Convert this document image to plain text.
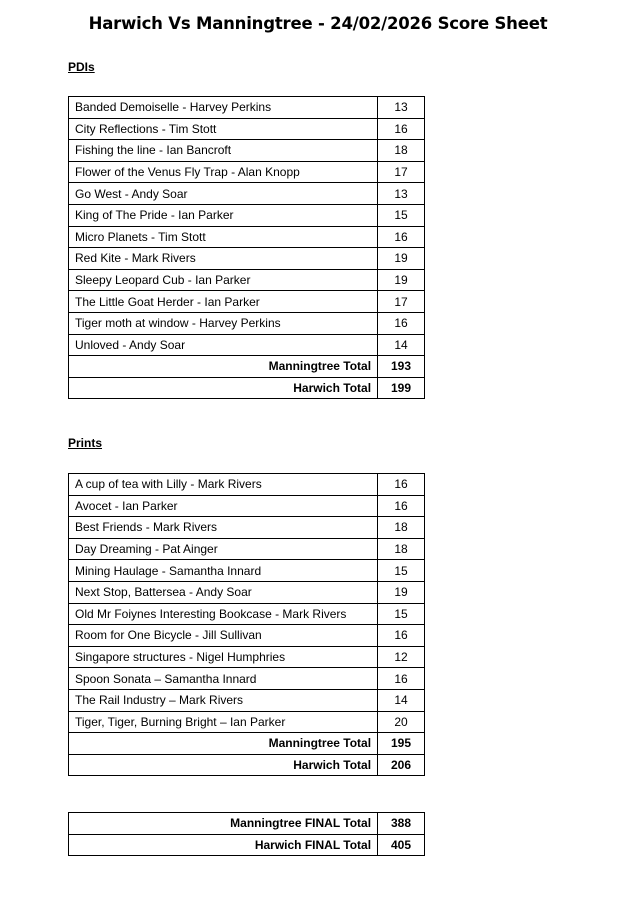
Harwich Vs Manningtree - 24/02/2026 Score Sheet
PDIs
Banded Demoiselle - Harvey Perkins	13
City Reflections - Tim Stott	16
Fishing the line - Ian Bancroft	18
Flower of the Venus Fly Trap - Alan Knopp	17
Go West - Andy Soar	13
King of The Pride - Ian Parker	15
Micro Planets - Tim Stott	16
Red Kite - Mark Rivers	19
Sleepy Leopard Cub - Ian Parker	19
The Little Goat Herder - Ian Parker	17
Tiger moth at window - Harvey Perkins	16
Unloved - Andy Soar	14
Manningtree Total	193
Harwich Total	199
Prints
A cup of tea with Lilly - Mark Rivers	16
Avocet - Ian Parker	16
Best Friends - Mark Rivers	18
Day Dreaming - Pat Ainger	18
Mining Haulage - Samantha Innard	15
Next Stop, Battersea - Andy Soar	19
Old Mr Foiynes Interesting Bookcase - Mark Rivers	15
Room for One Bicycle - Jill Sullivan	16
Singapore structures - Nigel Humphries	12
Spoon Sonata – Samantha Innard	16
The Rail Industry – Mark Rivers	14
Tiger, Tiger, Burning Bright – Ian Parker	20
Manningtree Total	195
Harwich Total	206
Manningtree FINAL Total	388
Harwich FINAL Total	405
